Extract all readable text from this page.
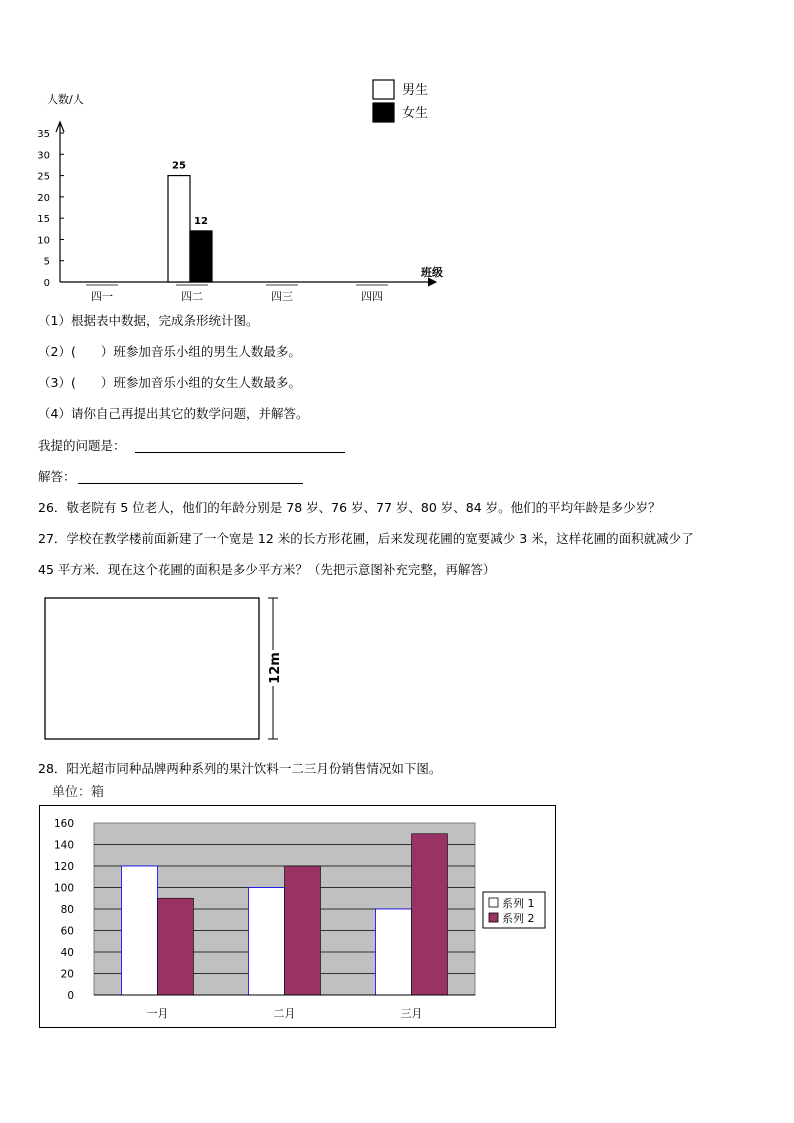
人数/人
班级
0
5
10
15
20
25
30
35
四一	四二	四三	四四
25
12
男生
女生
（1）根据表中数据，完成条形统计图。
（2）(　　）班参加音乐小组的男生人数最多。
（3）(　　）班参加音乐小组的女生人数最多。
（4）请你自己再提出其它的数学问题，并解答。
我提的问题是：
解答：
26．敬老院有 5 位老人，他们的年龄分别是 78 岁、76 岁、77 岁、80 岁、84 岁。他们的平均年龄是多少岁？
27．学校在教学楼前面新建了一个宽是 12 米的长方形花圃，后来发现花圃的宽要减少 3 米，这样花圃的面积就减少了
45 平方米．现在这个花圃的面积是多少平方米？（先把示意图补充完整，再解答）
12m
28．阳光超市同种品牌两种系列的果汁饮料一二三月份销售情况如下图。
单位：箱
0
20
40
60
80
100
120
140
160
一月	二月	三月
系列 1
系列 2
